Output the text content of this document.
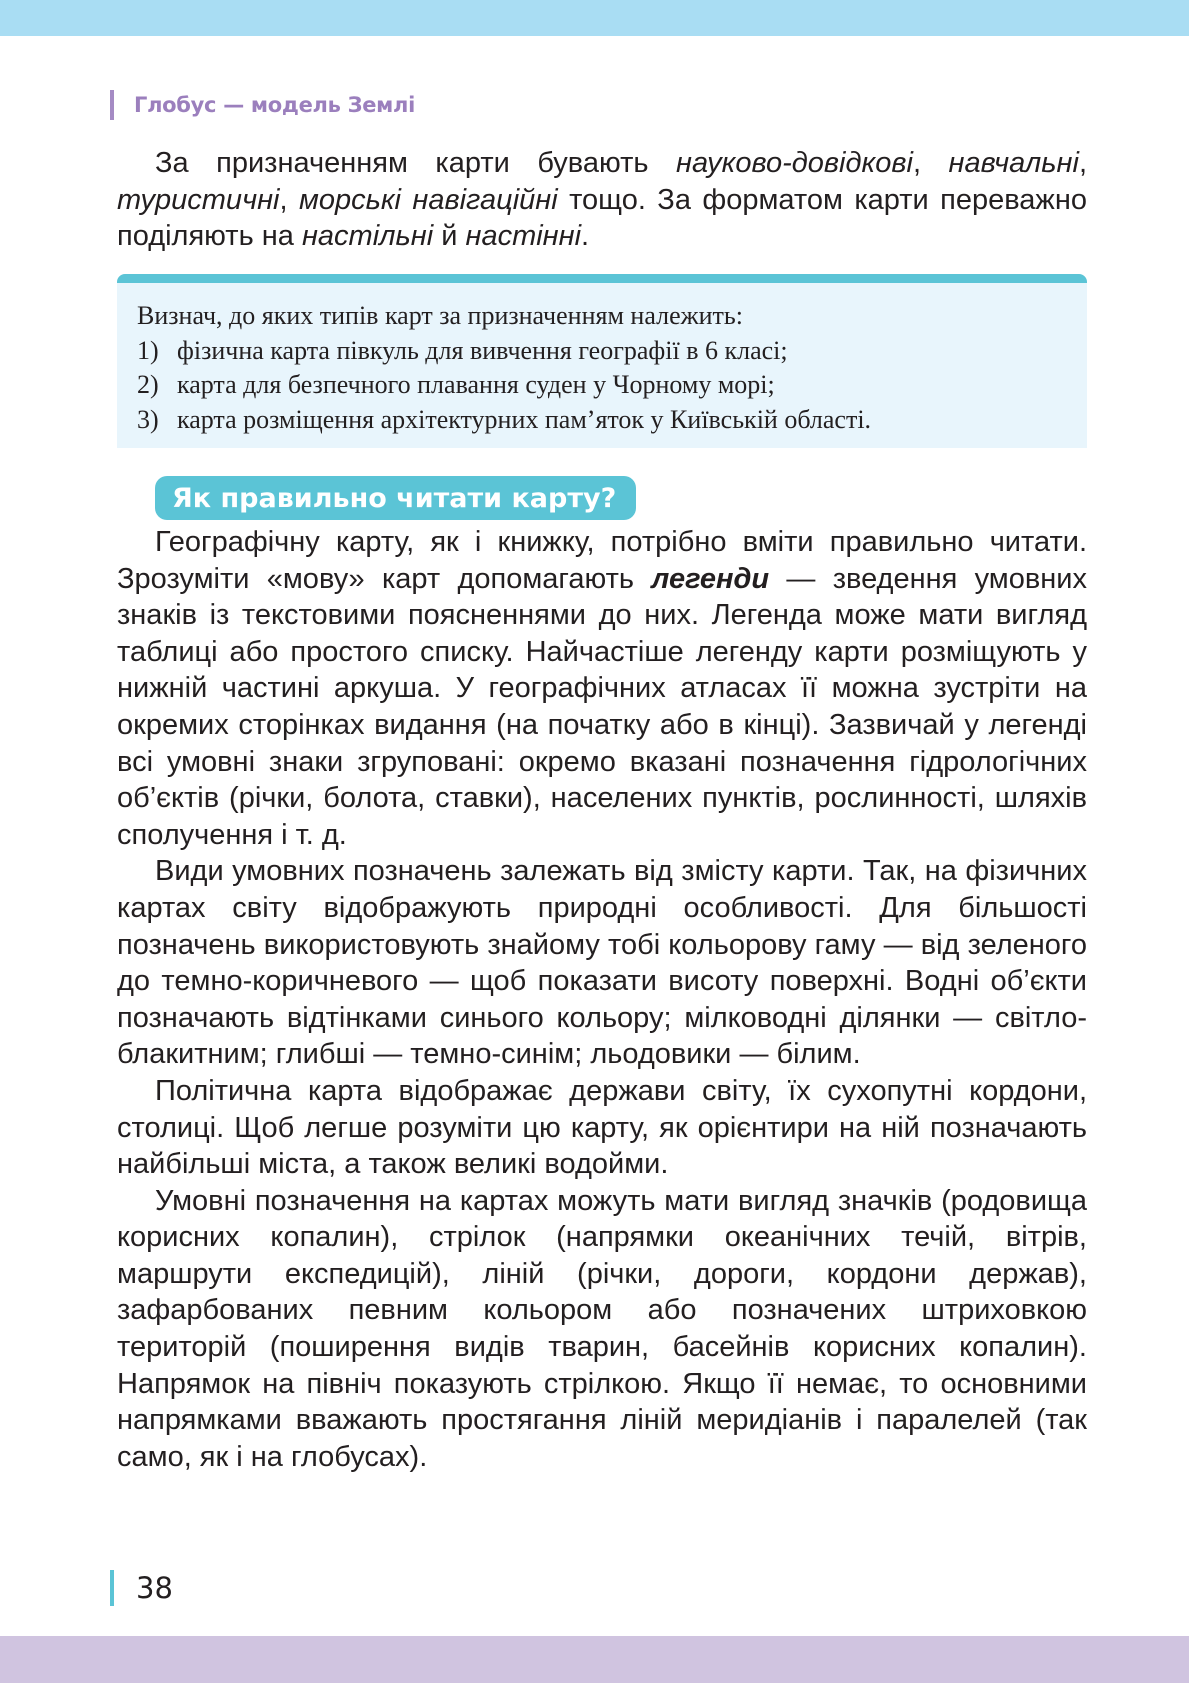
Глобус — модель Землі

За призначенням карти бувають науково-довідкові, навчальні, туристичні, морські навігаційні тощо. За форматом карти переважно поділяють на настільні й настінні.

Визнач, до яких типів карт за призначенням належить:

1) фізична карта півкуль для вивчення географії в 6 класі;
2) карта для безпечного плавання суден у Чорному морі;
3) карта розміщення архітектурних пам’яток у Київській області.
Як правильно читати карту?

Географічну карту, як і книжку, потрібно вміти правильно читати. Зрозуміти «мову» карт допомагають легенди — зведення умовних знаків із текстовими поясненнями до них. Легенда може мати вигляд таблиці або простого списку. Найчастіше легенду карти розміщують у нижній частині аркуша. У географічних атласах її можна зустріти на окремих сторінках видання (на початку або в кінці). Зазвичай у легенді всі умовні знаки згруповані: окремо вказані позначення гідрологічних об’єктів (річки, болота, ставки), населених пунктів, рослинності, шляхів сполучення і т. д.

Види умовних позначень залежать від змісту карти. Так, на фізичних картах світу відображують природні особливості. Для більшості позначень використовують знайому тобі кольорову гаму — від зеленого до темно-коричневого — щоб показати висоту поверхні. Водні об’єкти позначають відтінками синього кольору; мілководні ділянки — світло-блакитним; глибші — темно-синім; льодовики — білим.

Політична карта відображає держави світу, їх сухопутні кордони, столиці. Щоб легше розуміти цю карту, як орієнтири на ній позначають найбільші міста, а також великі водойми.

Умовні позначення на картах можуть мати вигляд значків (родовища корисних копалин), стрілок (напрямки океанічних течій, вітрів, маршрути експедицій), ліній (річки, дороги, кордони держав), зафарбованих певним кольором або позначених штриховкою територій (поширення видів тварин, басейнів корисних копалин). Напрямок на північ показують стрілкою. Якщо її немає, то основними напрямками вважають простягання ліній меридіанів і паралелей (так само, як і на глобусах).

38
